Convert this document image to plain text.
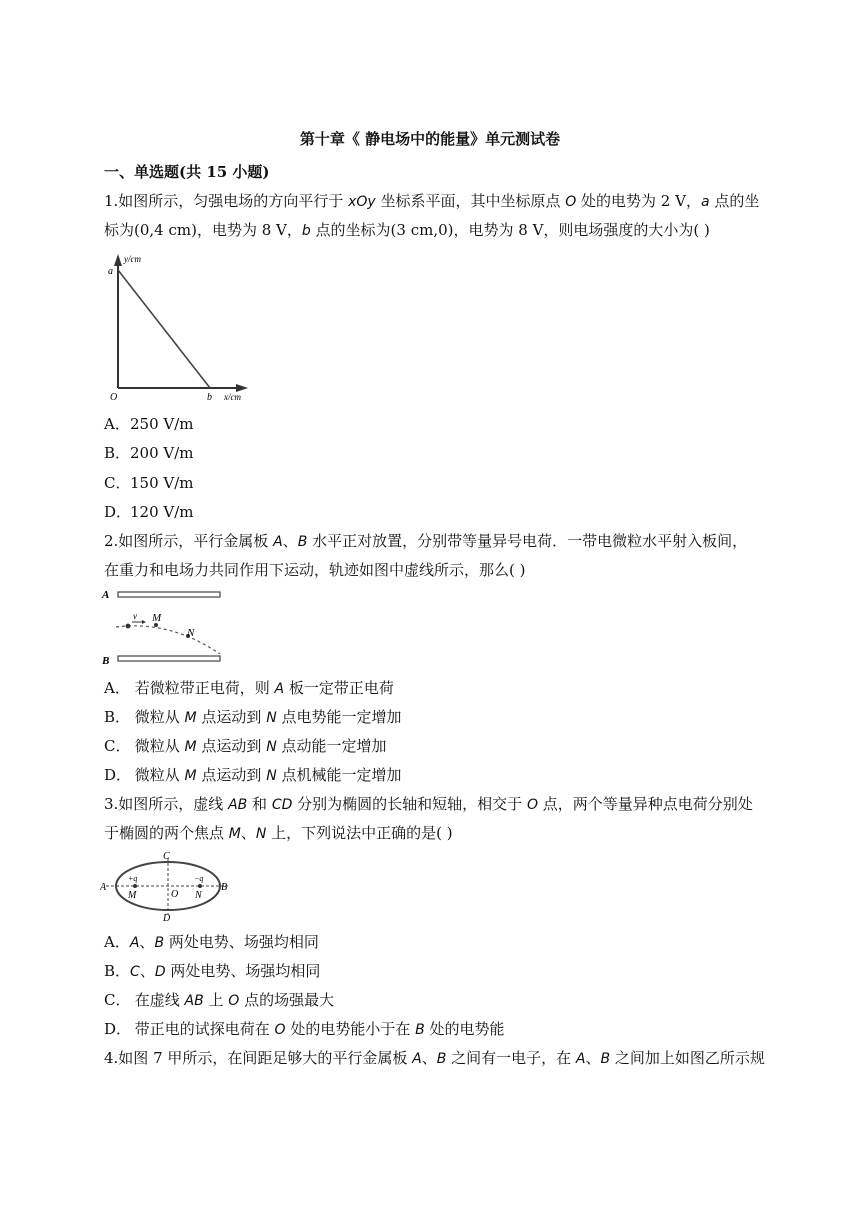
第十章《 静电场中的能量》单元测试卷
一、单选题(共 15 小题)
1.如图所示，匀强电场的方向平行于 xOy 坐标系平面，其中坐标原点 O 处的电势为 2 V，a 点的坐
标为(0,4 cm)，电势为 8 V，b 点的坐标为(3 cm,0)，电势为 8 V，则电场强度的大小为( )
y/cm
a
O	b x/cm
A．250 V/m
B．200 V/m
C．150 V/m
D．120 V/m
2.如图所示，平行金属板 A、B 水平正对放置，分别带等量异号电荷．一带电微粒水平射入板间，
在重力和电场力共同作用下运动，轨迹如图中虚线所示，那么( )
A
B
v M
N
A． 若微粒带正电荷，则 A 板一定带正电荷
B． 微粒从 M 点运动到 N 点电势能一定增加
C． 微粒从 M 点运动到 N 点动能一定增加
D． 微粒从 M 点运动到 N 点机械能一定增加
3.如图所示，虚线 AB 和 CD 分别为椭圆的长轴和短轴，相交于 O 点，两个等量异种点电荷分别处
于椭圆的两个焦点 M、N 上，下列说法中正确的是( )
A	B
C
D
O
M	N
+q	−q
A．A、B 两处电势、场强均相同
B．C、D 两处电势、场强均相同
C． 在虚线 AB 上 O 点的场强最大
D． 带正电的试探电荷在 O 处的电势能小于在 B 处的电势能
4.如图 7 甲所示，在间距足够大的平行金属板 A、B 之间有一电子，在 A、B 之间加上如图乙所示规
